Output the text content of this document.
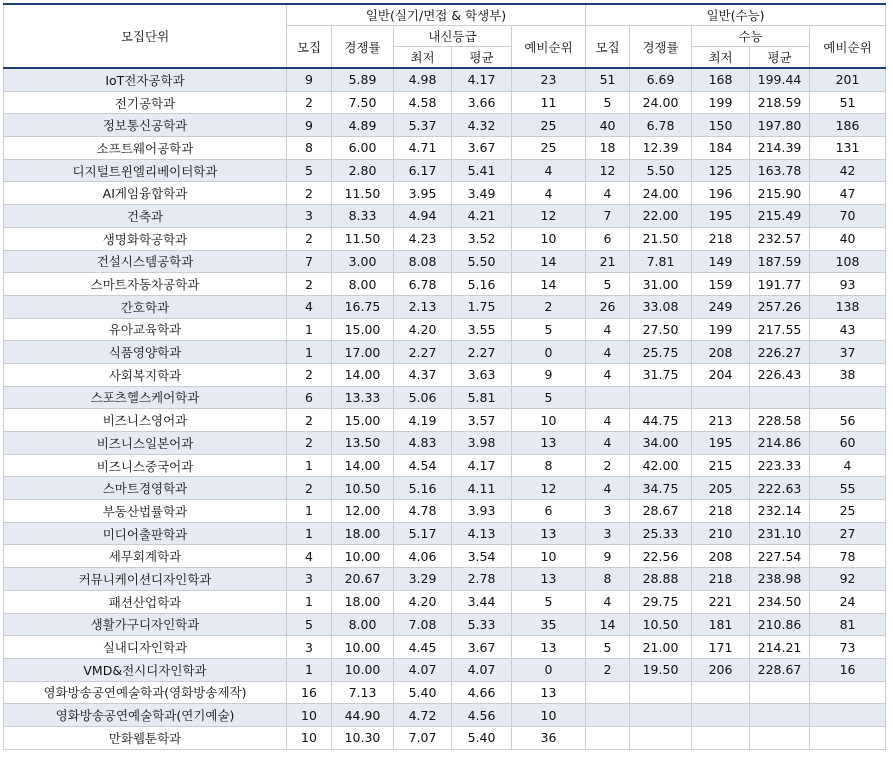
모집단위	일반(실기/면접 & 학생부)					일반(수능)				
	모집	경쟁률	내신등급		예비순위	모집	경쟁률	수능		예비순위
			최저	평균				최저	평균	
IoT전자공학과	9	5.89	4.98	4.17	23	51	6.69	168	199.44	201
전기공학과	2	7.50	4.58	3.66	11	5	24.00	199	218.59	51
정보통신공학과	9	4.89	5.37	4.32	25	40	6.78	150	197.80	186
소프트웨어공학과	8	6.00	4.71	3.67	25	18	12.39	184	214.39	131
디지털트윈엘리베이터학과	5	2.80	6.17	5.41	4	12	5.50	125	163.78	42
AI게임융합학과	2	11.50	3.95	3.49	4	4	24.00	196	215.90	47
건축과	3	8.33	4.94	4.21	12	7	22.00	195	215.49	70
생명화학공학과	2	11.50	4.23	3.52	10	6	21.50	218	232.57	40
건설시스템공학과	7	3.00	8.08	5.50	14	21	7.81	149	187.59	108
스마트자동차공학과	2	8.00	6.78	5.16	14	5	31.00	159	191.77	93
간호학과	4	16.75	2.13	1.75	2	26	33.08	249	257.26	138
유아교육학과	1	15.00	4.20	3.55	5	4	27.50	199	217.55	43
식품영양학과	1	17.00	2.27	2.27	0	4	25.75	208	226.27	37
사회복지학과	2	14.00	4.37	3.63	9	4	31.75	204	226.43	38
스포츠헬스케어학과	6	13.33	5.06	5.81	5					
비즈니스영어과	2	15.00	4.19	3.57	10	4	44.75	213	228.58	56
비즈니스일본어과	2	13.50	4.83	3.98	13	4	34.00	195	214.86	60
비즈니스중국어과	1	14.00	4.54	4.17	8	2	42.00	215	223.33	4
스마트경영학과	2	10.50	5.16	4.11	12	4	34.75	205	222.63	55
부동산법률학과	1	12.00	4.78	3.93	6	3	28.67	218	232.14	25
미디어출판학과	1	18.00	5.17	4.13	13	3	25.33	210	231.10	27
세무회계학과	4	10.00	4.06	3.54	10	9	22.56	208	227.54	78
커뮤니케이션디자인학과	3	20.67	3.29	2.78	13	8	28.88	218	238.98	92
패션산업학과	1	18.00	4.20	3.44	5	4	29.75	221	234.50	24
생활가구디자인학과	5	8.00	7.08	5.33	35	14	10.50	181	210.86	81
실내디자인학과	3	10.00	4.45	3.67	13	5	21.00	171	214.21	73
VMD&전시디자인학과	1	10.00	4.07	4.07	0	2	19.50	206	228.67	16
영화방송공연예술학과(영화방송제작)	16	7.13	5.40	4.66	13					
영화방송공연예술학과(연기예술)	10	44.90	4.72	4.56	10					
만화웹툰학과	10	10.30	7.07	5.40	36					
